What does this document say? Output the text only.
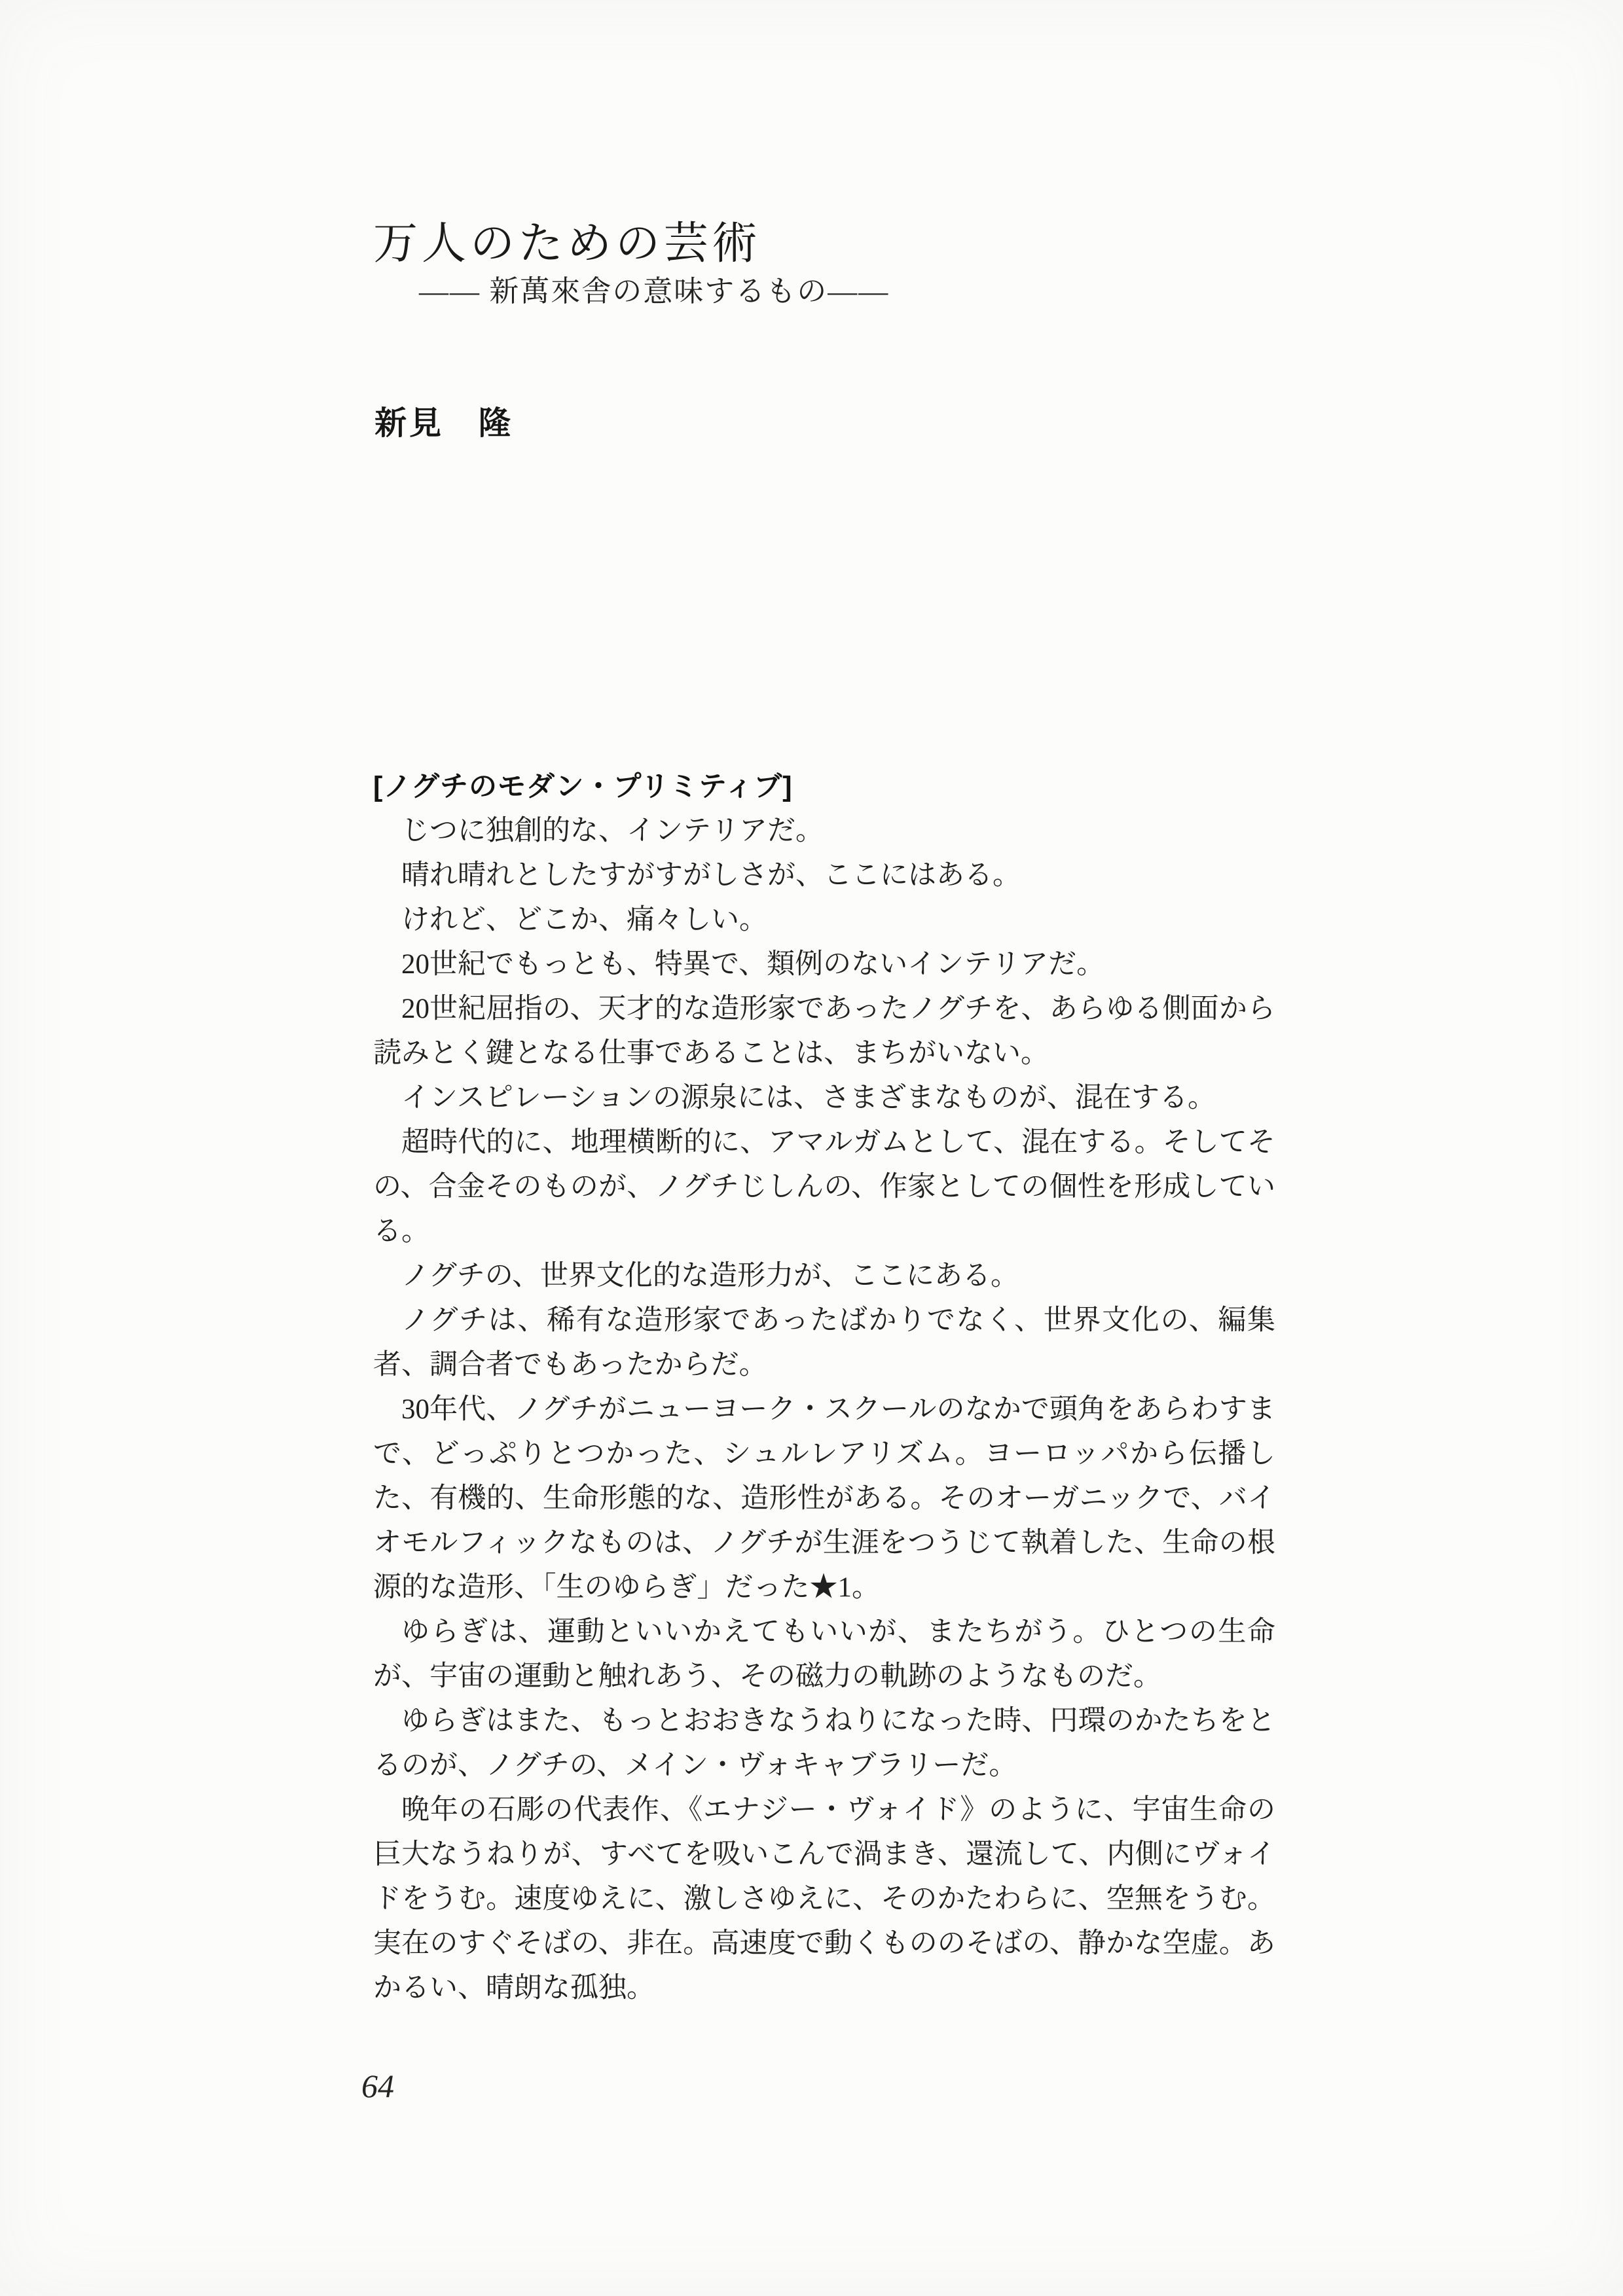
万人のための芸術
―― 新萬來舎の意味するもの――
新見　隆
[ノグチのモダン・プリミティブ]

じつに独創的な、インテリアだ。

晴れ晴れとしたすがすがしさが、ここにはある。

けれど、どこか、痛々しい。

20世紀でもっとも、特異で、類例のないインテリアだ。

20世紀屈指の、天才的な造形家であったノグチを、あらゆる側面から読みとく鍵となる仕事であることは、まちがいない。

インスピレーションの源泉には、さまざまなものが、混在する。

超時代的に、地理横断的に、アマルガムとして、混在する。そしてその、合金そのものが、ノグチじしんの、作家としての個性を形成している。

ノグチの、世界文化的な造形力が、ここにある。

ノグチは、稀有な造形家であったばかりでなく、世界文化の、編集者、調合者でもあったからだ。

30年代、ノグチがニューヨーク・スクールのなかで頭角をあらわすまで、どっぷりとつかった、シュルレアリズム。ヨーロッパから伝播した、有機的、生命形態的な、造形性がある。そのオーガニックで、バイオモルフィックなものは、ノグチが生涯をつうじて執着した、生命の根源的な造形、「生のゆらぎ」だった★1。

ゆらぎは、運動といいかえてもいいが、またちがう。ひとつの生命が、宇宙の運動と触れあう、その磁力の軌跡のようなものだ。

ゆらぎはまた、もっとおおきなうねりになった時、円環のかたちをとるのが、ノグチの、メイン・ヴォキャブラリーだ。

晩年の石彫の代表作、《エナジー・ヴォイド》のように、宇宙生命の巨大なうねりが、すべてを吸いこんで渦まき、還流して、内側にヴォイドをうむ。速度ゆえに、激しさゆえに、そのかたわらに、空無をうむ。実在のすぐそばの、非在。高速度で動くもののそばの、静かな空虚。あかるい、晴朗な孤独。

64
